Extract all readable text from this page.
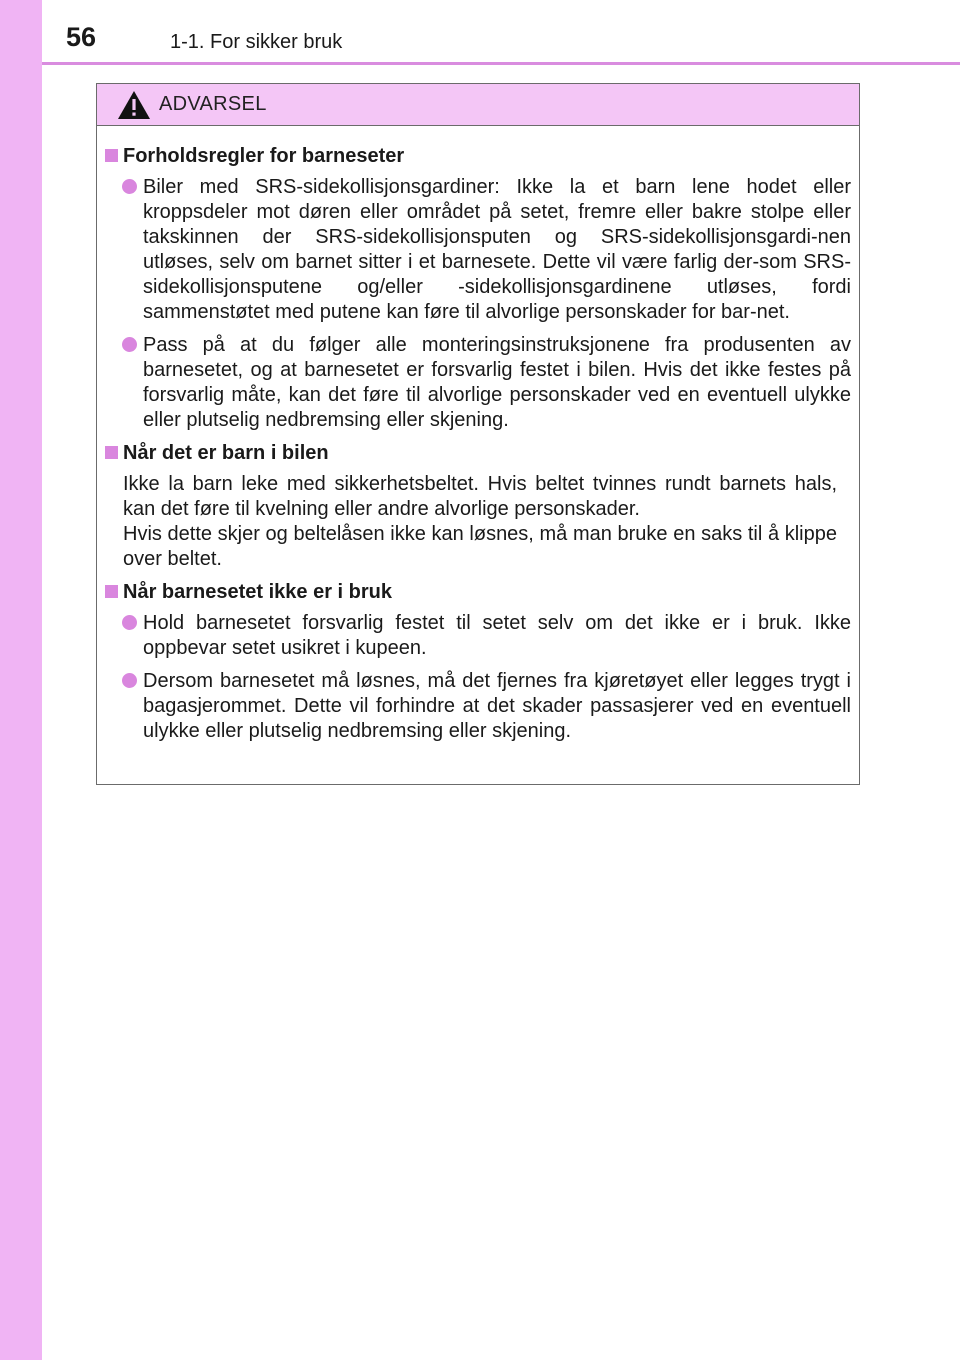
56	1-1. For sikker bruk
ADVARSEL
Forholdsregler for barneseter
Biler med SRS-sidekollisjonsgardiner: Ikke la et barn lene hodet eller kroppsdeler mot døren eller området på setet, fremre eller bakre stolpe eller takskinnen der SRS-sidekollisjonsputen og SRS-sidekollisjonsgardi-nen utløses, selv om barnet sitter i et barnesete. Dette vil være farlig der-som SRS-sidekollisjonsputene og/eller -sidekollisjonsgardinene utløses, fordi sammenstøtet med putene kan føre til alvorlige personskader for bar-net.
Pass på at du følger alle monteringsinstruksjonene fra produsenten av barnesetet, og at barnesetet er forsvarlig festet i bilen. Hvis det ikke festes på forsvarlig måte, kan det føre til alvorlige personskader ved en eventuell ulykke eller plutselig nedbremsing eller skjening.
Når det er barn i bilen
Ikke la barn leke med sikkerhetsbeltet. Hvis beltet tvinnes rundt barnets hals, kan det føre til kvelning eller andre alvorlige personskader.
Hvis dette skjer og beltelåsen ikke kan løsnes, må man bruke en saks til å klippe over beltet.
Når barnesetet ikke er i bruk
Hold barnesetet forsvarlig festet til setet selv om det ikke er i bruk. Ikke oppbevar setet usikret i kupeen.
Dersom barnesetet må løsnes, må det fjernes fra kjøretøyet eller legges trygt i bagasjerommet. Dette vil forhindre at det skader passasjerer ved en eventuell ulykke eller plutselig nedbremsing eller skjening.
